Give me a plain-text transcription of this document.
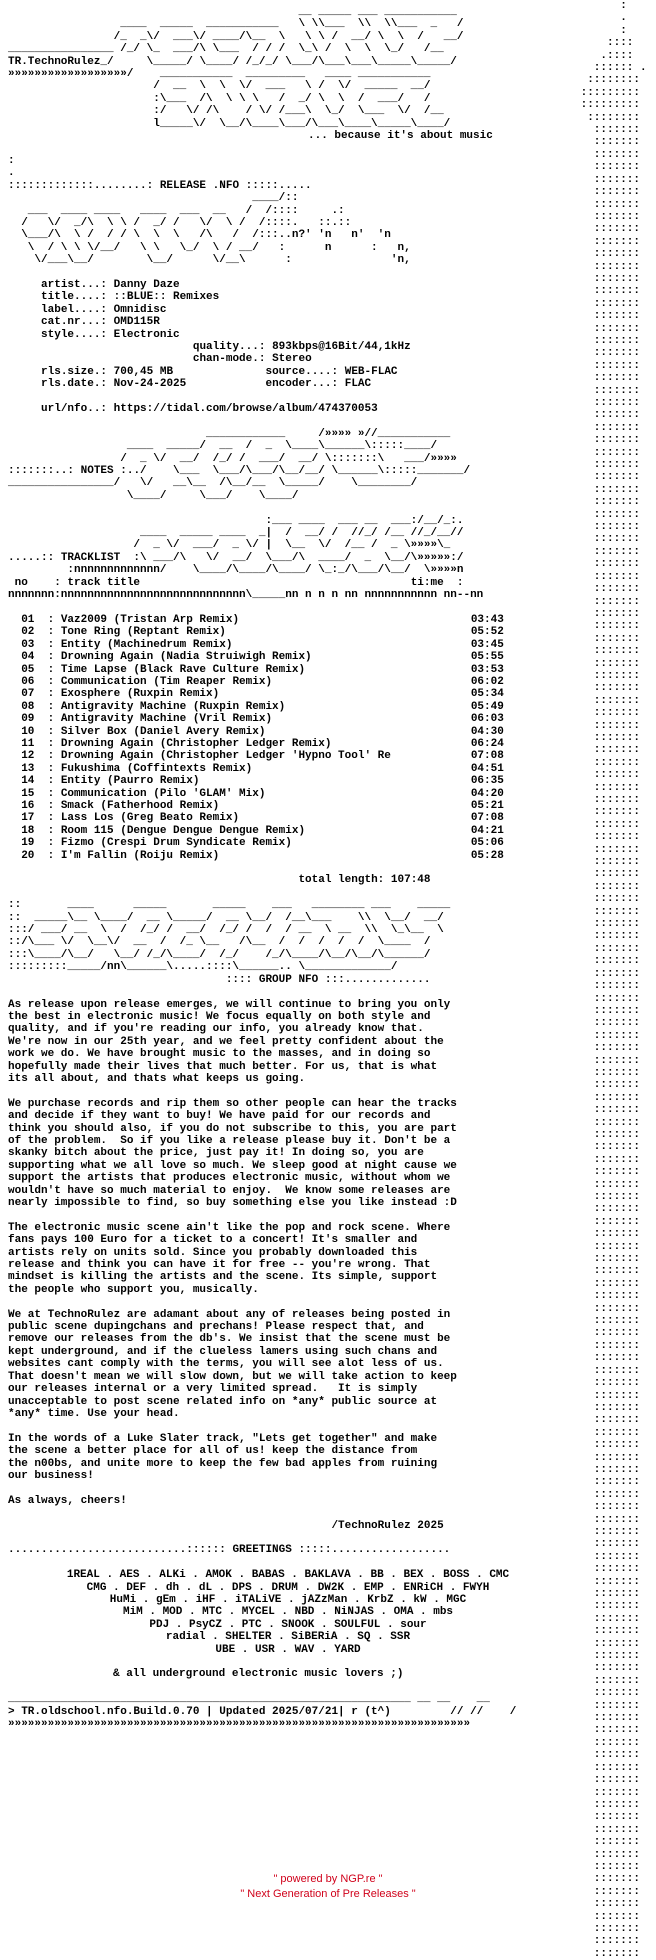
:
.
:
::::
.::::
:::::: .
::::::::
:::::::::
:::::::::
::::::::
:::::::
:::::::
:::::::
:::::::
:::::::
:::::::
:::::::
:::::::
:::::::
:::::::
:::::::
:::::::
:::::::
:::::::
:::::::
:::::::
:::::::
:::::::
:::::::
:::::::
:::::::
:::::::
:::::::
:::::::
:::::::
:::::::
:::::::
:::::::
:::::::
:::::::
:::::::
:::::::
:::::::
:::::::
:::::::
:::::::
:::::::
:::::::
:::::::
:::::::
:::::::
:::::::
:::::::
:::::::
:::::::
:::::::
:::::::
:::::::
:::::::
:::::::
:::::::
:::::::
:::::::
:::::::
:::::::
:::::::
:::::::
:::::::
:::::::
:::::::
:::::::
:::::::
:::::::
:::::::
:::::::
:::::::
:::::::
:::::::
:::::::
:::::::
:::::::
:::::::
:::::::
:::::::
:::::::
:::::::
:::::::
:::::::
:::::::
:::::::
:::::::
:::::::
:::::::
:::::::
:::::::
:::::::
:::::::
:::::::
:::::::
:::::::
:::::::
:::::::
:::::::
:::::::
:::::::
:::::::
:::::::
:::::::
:::::::
:::::::
:::::::
:::::::
:::::::
:::::::
:::::::
:::::::
:::::::
:::::::
:::::::
:::::::
:::::::
:::::::
:::::::
:::::::
:::::::
:::::::
:::::::
:::::::
:::::::
:::::::
:::::::
:::::::
:::::::
:::::::
:::::::
:::::::
:::::::
:::::::
:::::::
:::::::
:::::::
:::::::
:::::::
:::::::
:::::::
:::::::
:::::::
:::::::
:::::::
:::::::
:::::::
:::::::
:::::::
:::::::
:::::::
:::::::
:::::::
:::::::
__ _____ ___ ___________
____  _____  ___________   \ \\___  \\  \\___  _   /
/_  _\/  ___\/ ____/\__  \   \ \ /  __/ \  \  /   __/
________________ /_/ \_  ___/\ \___  / / /  \_\ /  \  \  \_/   /__

TR.TechnoRulez_/     \_____/ \____/ /_/_/ \___/\___\___\_____\_____/
»»»»»»»»»»»»»»»»»»/    ___________  _________   ____ ___________
/  __  \  \  \/  ___   \ /  \/  _____  __/
:\___  /\  \ \ \   /  _/ \  \  /  ___/   /
:/   \/ /\    / \/ /___\  \_/  \___  \/  /__
l_____\/  \__/\____\___/\___\____\_____\____/

... because it's about music

:
.
:::::::::::::........: RELEASE .NFO :::::.....
____/::
___  ____ ____   ____  ___  __   /  /::::     .:
/   \/  _/\  \ \ /  _/ /   \/  \ /  /::::.   ::.::
\___/\  \ /  / / \  \  \   /\   /  /:::..n?' 'n   n'  'n
\  / \ \ \/__/   \ \   \_/  \ / __/   :      n      :   n,
\/___\__/        \__/      \/__\      :               'n,

artist...: Danny Daze
title....: ::BLUE:: Remixes
label....: Omnidisc
cat.nr...: OMD115R
style....: Electronic
quality...: 893kbps@16Bit/44,1kHz
chan-mode.: Stereo
rls.size.: 700,45 MB	source....: WEB-FLAC
rls.date.: Nov-24-2025	encoder...: FLAC

url/nfo..: https://tidal.com/browse/album/474370053

____________     /»»»» »//___________
____  _____/  __  /  _  \____\______\:::::____/
/  _ \/  __/  /_/ /  ___/  __/ \:::::::\   ___/»»»»

:::::::..: NOTES :../    \___  \___/\___/\__/__/ \______\:::::_______/

________________/   \/   __\__  /\__/__  \_____/    \________/
\____/     \___/    \____/

:___ ____  ___ __  ___:/__/_:.
____  _____ ____  _|  /  __/ /  //_/ /__ //_/__//
/  _ \/  ___/  _ \/ |  \__  \/  /__ /  _ \»»»»\_

.....:: TRACKLIST  :\ ___/\   \/  __/  \___/\  ____/  _  \__/\»»»»»:/
:nnnnnnnnnnnnn/    \____/\____/\____/ \_:_/\___/\__/  \»»»»n
no : track title	ti:me  :
nnnnnnn:nnnnnnnnnnnnnnnnnnnnnnnnnnnn\_____nn n n n nn nnnnnnnnnnn nn--nn

01  : Vaz2009 (Tristan Arp Remix)	03:43
02  : Tone Ring (Reptant Remix)	05:52
03  : Entity (Machinedrum Remix)	03:45
04  : Drowning Again (Nadia Struiwigh Remix)	05:55
05  : Time Lapse (Black Rave Culture Remix)	03:53
06  : Communication (Tim Reaper Remix)	06:02
07  : Exosphere (Ruxpin Remix)	05:34
08  : Antigravity Machine (Ruxpin Remix)	05:49
09  : Antigravity Machine (Vril Remix)	06:03
10  : Silver Box (Daniel Avery Remix)	04:30
11  : Drowning Again (Christopher Ledger Remix)	06:24
12  : Drowning Again (Christopher Ledger 'Hypno Tool' Re	07:08
13  : Fukushima (Coffintexts Remix)	04:51
14  : Entity (Paurro Remix)	06:35
15  : Communication (Pilo 'GLAM' Mix)	04:20
16  : Smack (Fatherhood Remix)	05:21
17  : Lass Los (Greg Beato Remix)	07:08
18  : Room 115 (Dengue Dengue Dengue Remix)	04:21
19  : Fizmo (Crespi Drum Syndicate Remix)	05:06
20  : I'm Fallin (Roiju Remix)	05:28

total length: 107:48

::       ____      _____       _____    ___   ________ ___    _____
::  _____\__ \____/  __ \_____/  __ \__/  /__\___    \\  \__/  __/
:::/ ___/ __  \  /  /_/ /  __/  /_/ /  /  / __  \ __  \\  \_\__  \
::/\___ \/  \__\/  __  /  /_ \__   /\__  /  /  /  /  /  \____  /
:::\____/\__/   \__/ /_/\____/  /_/    /_/\____/\__/\__/\______/
:::::::::_____/nn\______\.....::::\______.. \_____________/

:::: GROUP NFO :::.............

As release upon release emerges, we will continue to bring you only
the best in electronic music! We focus equally on both style and
quality, and if you're reading our info, you already know that.
We're now in our 25th year, and we feel pretty confident about the
work we do. We have brought music to the masses, and in doing so
hopefully made their lives that much better. For us, that is what
its all about, and thats what keeps us going.

We purchase records and rip them so other people can hear the tracks
and decide if they want to buy! We have paid for our records and
think you should also, if you do not subscribe to this, you are part
of the problem.  So if you like a release please buy it. Don't be a
skanky bitch about the price, just pay it! In doing so, you are
supporting what we all love so much. We sleep good at night cause we
support the artists that produces electronic music, without whom we
wouldn't have so much material to enjoy.  We know some releases are
nearly impossible to find, so buy something else you like instead :D

The electronic music scene ain't like the pop and rock scene. Where
fans pays 100 Euro for a ticket to a concert! It's smaller and
artists rely on units sold. Since you probably downloaded this
release and think you can have it for free -- you're wrong. That
mindset is killing the artists and the scene. Its simple, support
the people who support you, musically.

We at TechnoRulez are adamant about any of releases being posted in
public scene dupingchans and prechans! Please respect that, and
remove our releases from the db's. We insist that the scene must be
kept underground, and if the clueless lamers using such chans and
websites cant comply with the terms, you will see alot less of us.
That doesn't mean we will slow down, but we will take action to keep
our releases internal or a very limited spread.   It is simply
unacceptable to post scene related info on *any* public source at
*any* time. Use your head.

In the words of a Luke Slater track, "Lets get together" and make
the scene a better place for all of us! keep the distance from
the n00bs, and unite more to keep the few bad apples from ruining
our business!

As always, cheers!

/TechnoRulez 2025

...........................:::::: GREETINGS :::::..................

1REAL . AES . ALKi . AMOK . BABAS . BAKLAVA . BB . BEX . BOSS . CMC
CMG . DEF . dh . dL . DPS . DRUM . DW2K . EMP . ENRiCH . FWYH
HuMi . gEm . iHF . iTALiVE . jAZzMan . KrbZ . kW . MGC
MiM . MOD . MTC . MYCEL . NBD . NiNJAS . OMA . mbs
PDJ . PsyCZ . PTC . SNOOK . SOULFUL . sour
radial . SHELTER . SiBERiA . SQ . SSR
UBE . USR . WAV . YARD

& all underground electronic music lovers ;)

_____________________________________________________________ __ __    __
> TR.oldschool.nfo.Build.0.70 | Updated 2025/07/21| r (t^)         // //    /
»»»»»»»»»»»»»»»»»»»»»»»»»»»»»»»»»»»»»»»»»»»»»»»»»»»»»»»»»»»»»»»»»»»»»»
" powered by NGP.re "
" Next Generation of Pre Releases "
